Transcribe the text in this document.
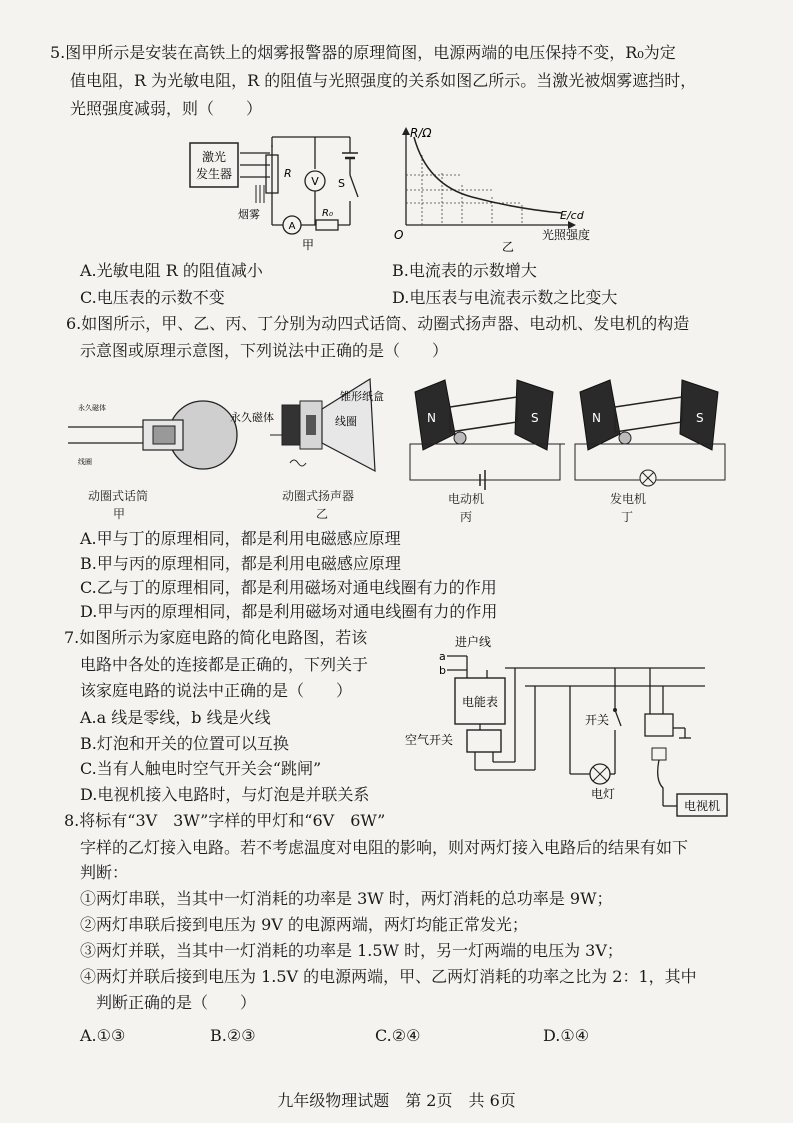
5.图甲所示是安装在高铁上的烟雾报警器的原理简图，电源两端的电压保持不变，R₀为定
值电阻，R 为光敏电阻，R 的阻值与光照强度的关系如图乙所示。当激光被烟雾遮挡时，
光照强度减弱，则（　　）
激光
发生器	R
V S
A
R₀
烟雾
甲
R/Ω
E/cd
O	光照强度
乙
A.光敏电阻 R 的阻值减小	B.电流表的示数增大
C.电压表的示数不变	D.电压表与电流表示数之比变大
6.如图所示，甲、乙、丙、丁分别为动四式话筒、动圈式扬声器、电动机、发电机的构造
示意图或原理示意图，下列说法中正确的是（　　）
永久磁体
线圈
动圈式话筒
甲
永久磁体
锥形纸盒
线圈
动圈式扬声器
乙
N	S
电动机
丙
N	S
发电机
丁
A.甲与丁的原理相同，都是利用电磁感应原理
B.甲与丙的原理相同，都是利用电磁感应原理
C.乙与丁的原理相同，都是利用磁场对通电线圈有力的作用
D.甲与丙的原理相同，都是利用磁场对通电线圈有力的作用
7.如图所示为家庭电路的简化电路图，若该
电路中各处的连接都是正确的，下列关于
该家庭电路的说法中正确的是（　　）
A.a 线是零线，b 线是火线
B.灯泡和开关的位置可以互换
C.当有人触电时空气开关会“跳闸”
D.电视机接入电路时，与灯泡是并联关系
进户线
a
b
电能表
空气开关
开关
电灯
电视机
8.将标有“3V　3W”字样的甲灯和“6V　6W”
字样的乙灯接入电路。若不考虑温度对电阻的影响，则对两灯接入电路后的结果有如下
判断：
①两灯串联，当其中一灯消耗的功率是 3W 时，两灯消耗的总功率是 9W；
②两灯串联后接到电压为 9V 的电源两端，两灯均能正常发光；
③两灯并联，当其中一灯消耗的功率是 1.5W 时，另一灯两端的电压为 3V；
④两灯并联后接到电压为 1.5V 的电源两端，甲、乙两灯消耗的功率之比为 2：1，其中
判断正确的是（　　）
A.①③	B.②③	C.②④	D.①④
九年级物理试题　第 2页　共 6页
